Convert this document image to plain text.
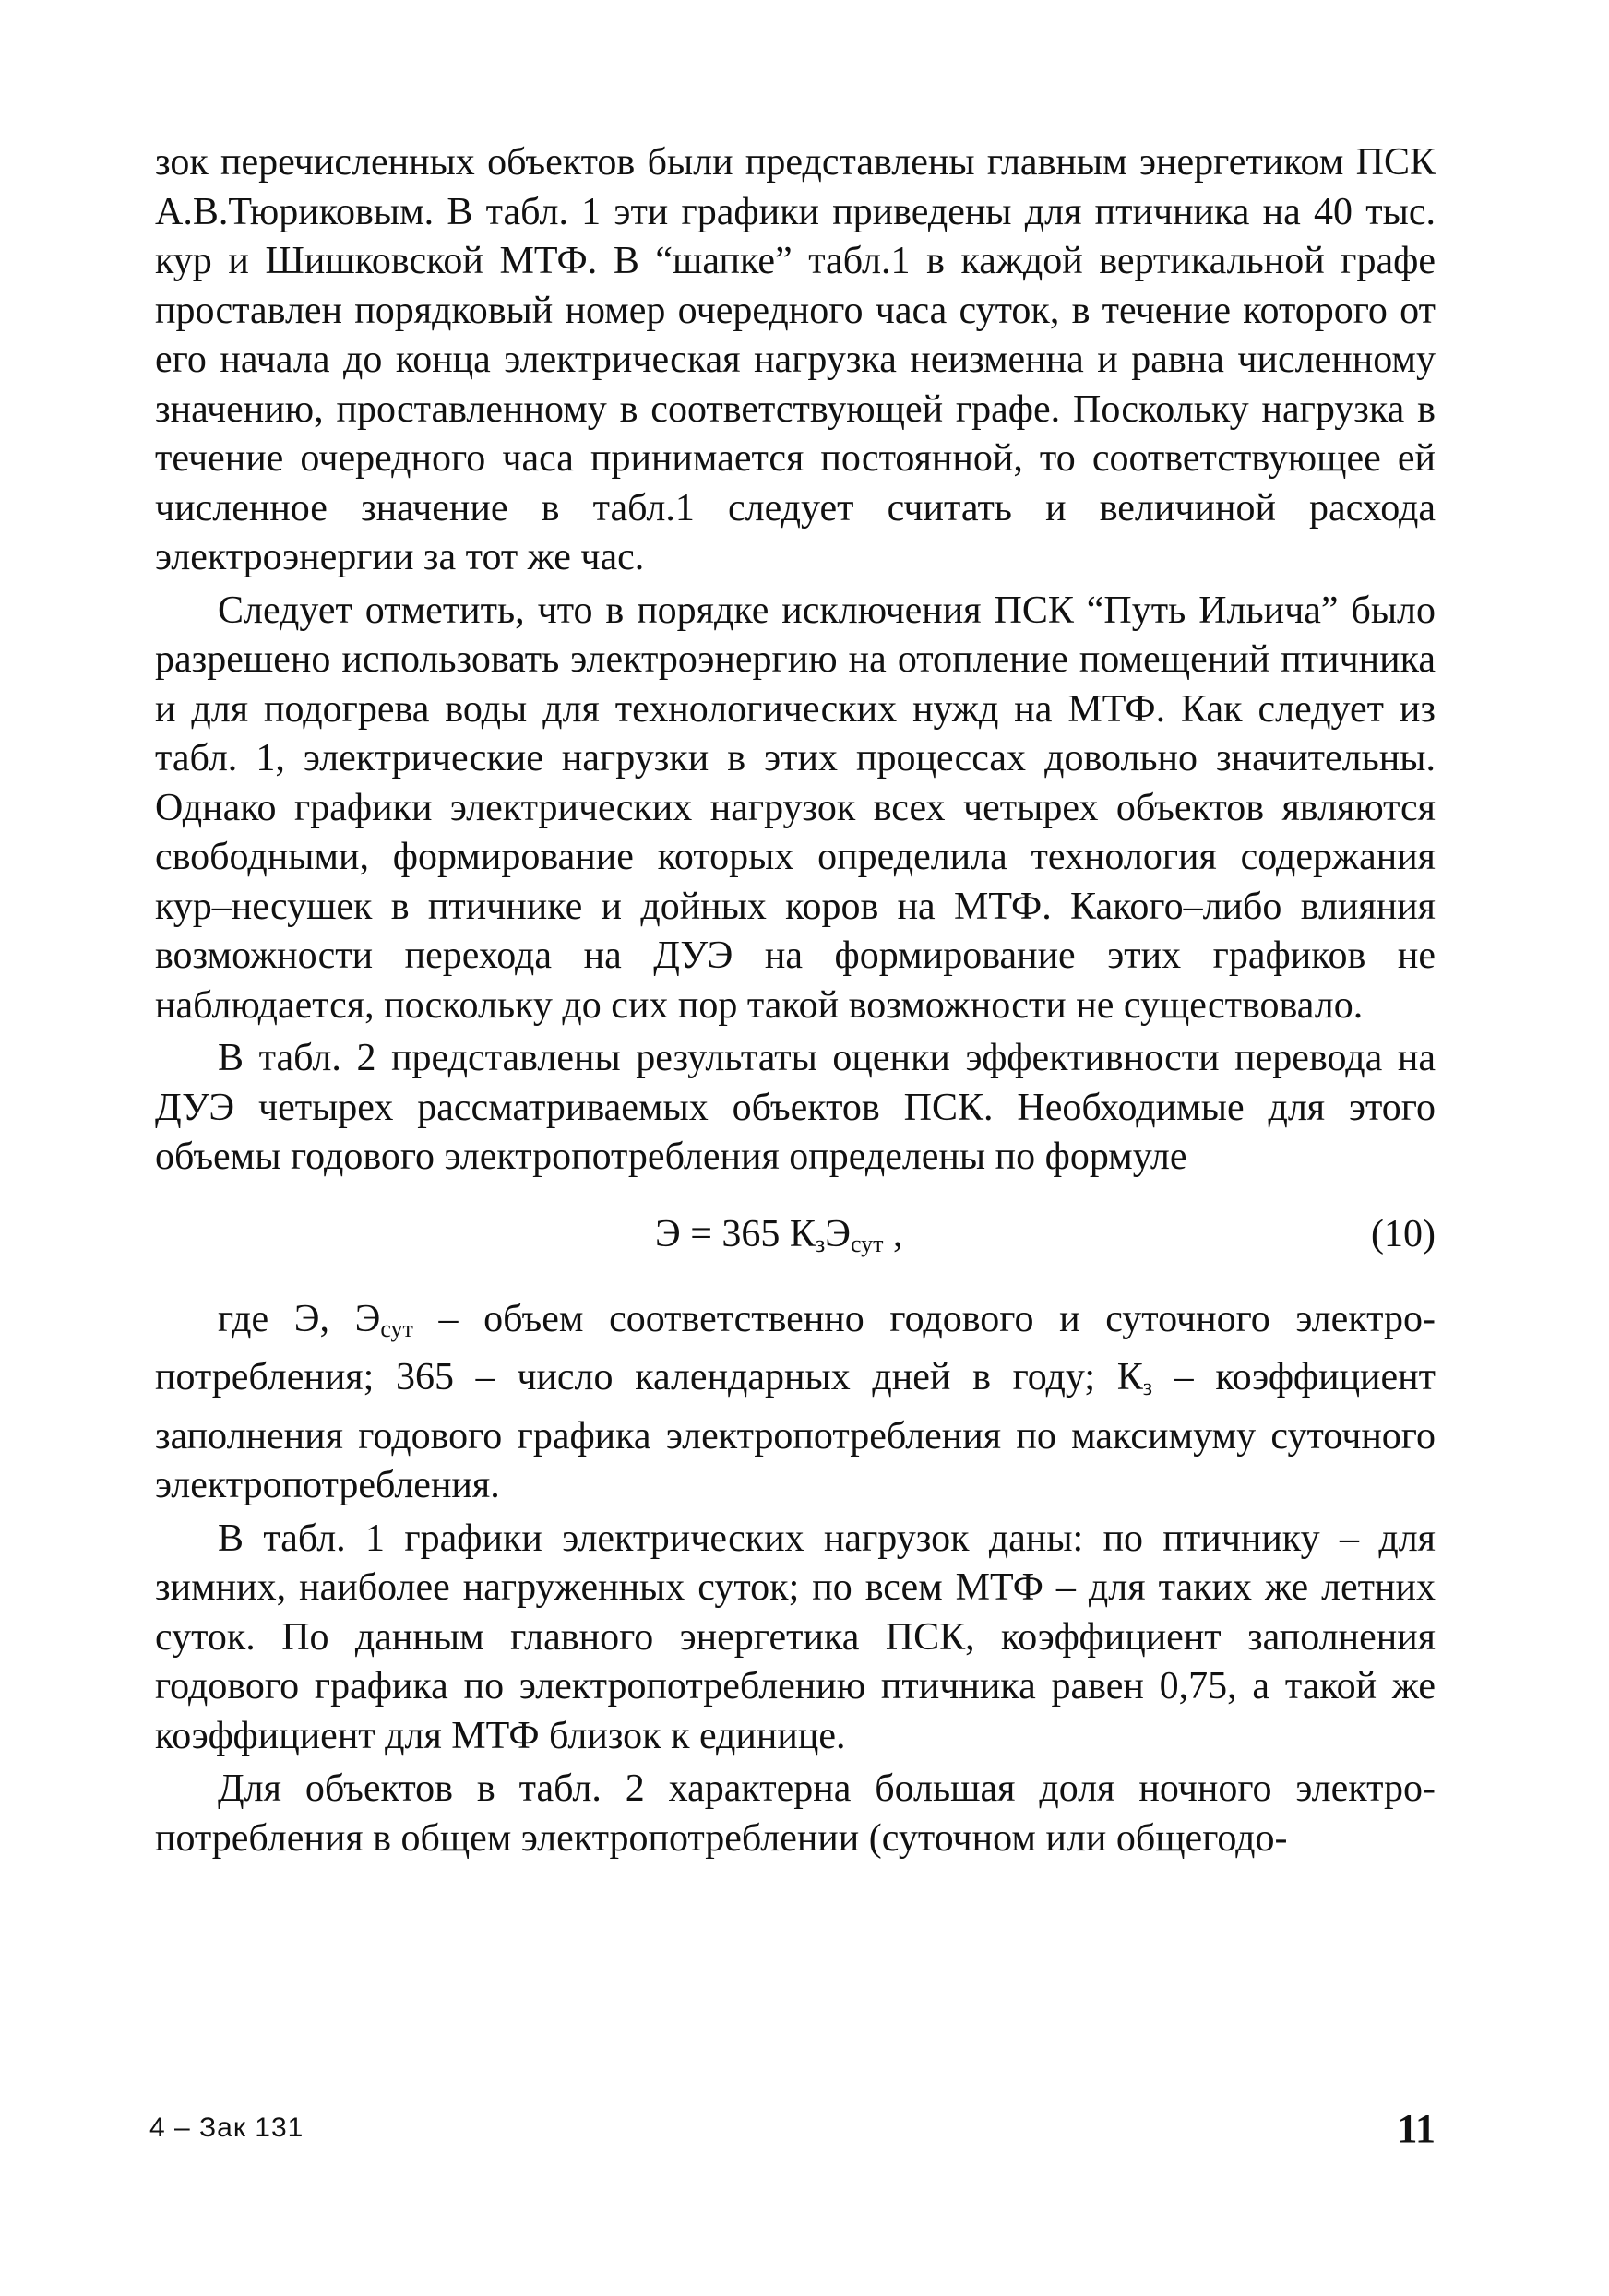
зок перечисленных объектов были представлены главным энергетиком ПСК А.В.Тюриковым. В табл. 1 эти графики приведены для птичника на 40 тыс. кур и Шишковской МТФ. В “шапке” табл.1 в каждой вертикальной графе проставлен порядковый номер очередного часа суток, в течение которого от его начала до конца электрическая нагрузка неизменна и равна численному значению, проставленному в соответствующей графе. Поскольку нагрузка в течение очередного часа принимается постоянной, то соответствующее ей численное значение в табл.1 следует считать и величиной расхода электроэнергии за тот же час.

Следует отметить, что в порядке исключения ПСК “Путь Ильича” было разрешено использовать электроэнергию на отопление помещений птичника и для подогрева воды для технологических нужд на МТФ. Как следует из табл. 1, электрические нагрузки в этих процессах довольно значительны. Однако графики электрических нагрузок всех четырех объектов являются свободными, формирование которых определила технология содержания кур–несушек в птичнике и дойных коров на МТФ. Какого–либо влияния возможности перехода на ДУЭ на формирование этих графиков не наблюдается, поскольку до сих пор такой возможности не существовало.

В табл. 2 представлены результаты оценки эффективности перевода на ДУЭ четырех рассматриваемых объектов ПСК. Необходимые для этого объемы годового электропотребления определены по формуле

Э = 365 $К_зЭ_{сут}$ ,	(10)

где Э, $Э_{сут}$ – объем соответственно годового и суточного электропотребления; 365 – число календарных дней в году; $К_з$ – коэффициент заполнения годового графика электропотребления по максимуму суточного электропотребления.

В табл. 1 графики электрических нагрузок даны: по птичнику – для зимних, наиболее нагруженных суток; по всем МТФ – для таких же летних суток. По данным главного энергетика ПСК, коэффициент заполнения годового графика по электропотреблению птичника равен 0,75, а такой же коэффициент для МТФ близок к единице.

Для объектов в табл. 2 характерна большая доля ночного электропотребления в общем электропотреблении (суточном или общегодо-

4 – Зак 131	11
